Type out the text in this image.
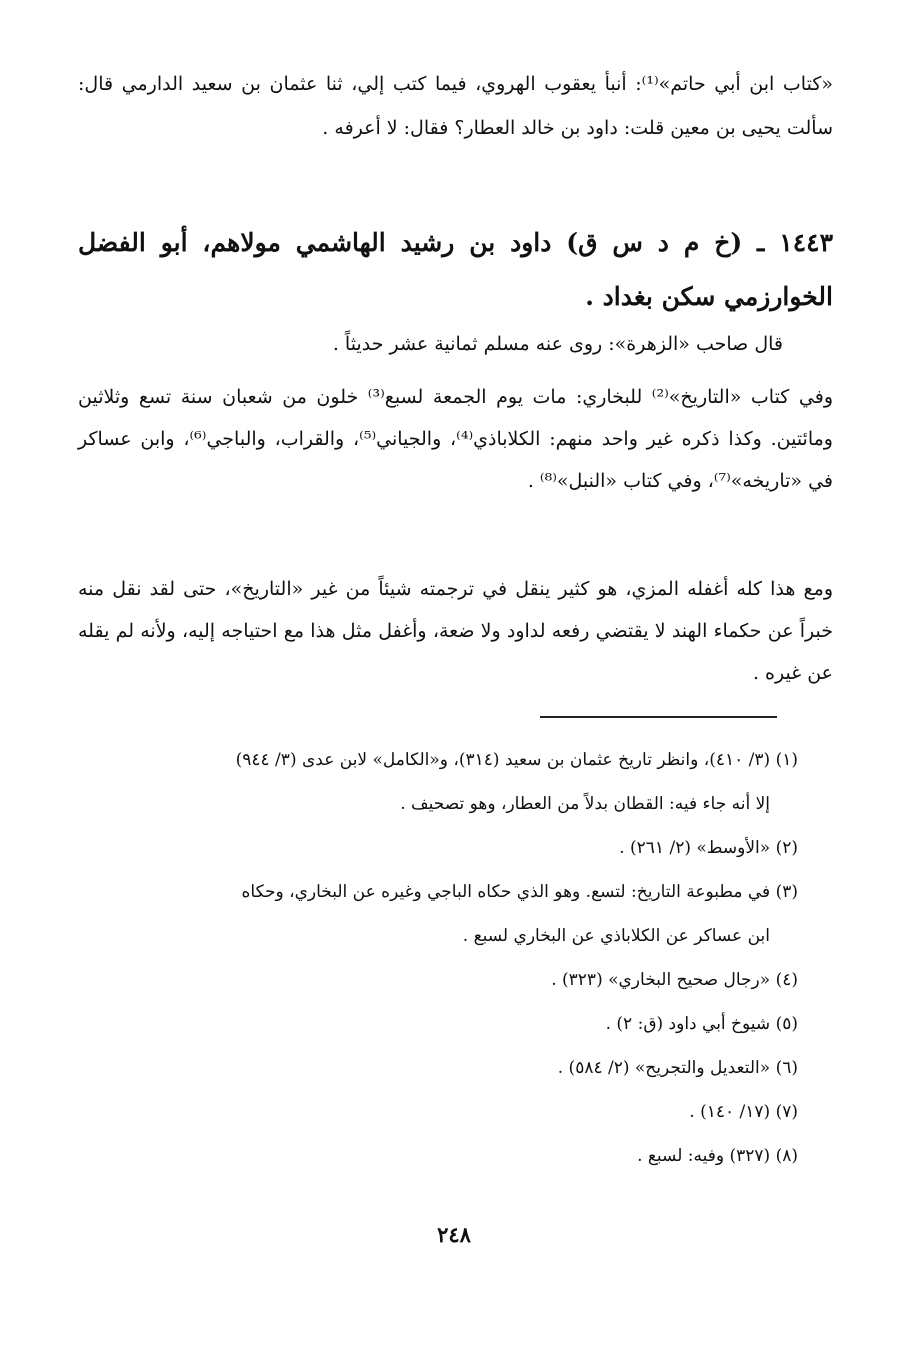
«كتاب ابن أبي حاتم»⁽¹⁾: أنبأ يعقوب الهروي، فيما كتب إلي، ثنا عثمان بن سعيد الدارمي قال: سألت يحيى بن معين قلت: داود بن خالد العطار؟ فقال: لا أعرفه .
١٤٤٣ ـ (خ م د س ق) داود بن رشيد الهاشمي مولاهم، أبو الفضل الخوارزمي سكن بغداد .
قال صاحب «الزهرة»: روى عنه مسلم ثمانية عشر حديثاً .
وفي كتاب «التاريخ»⁽²⁾ للبخاري: مات يوم الجمعة لسبع⁽³⁾ خلون من شعبان سنة تسع وثلاثين ومائتين. وكذا ذكره غير واحد منهم: الكلاباذي⁽⁴⁾، والجياني⁽⁵⁾، والقراب، والباجي⁽⁶⁾، وابن عساكر في «تاريخه»⁽⁷⁾، وفي كتاب «النبل»⁽⁸⁾ .
ومع هذا كله أغفله المزي، هو كثير ينقل في ترجمته شيئاً من غير «التاريخ»، حتى لقد نقل منه خبراً عن حكماء الهند لا يقتضي رفعه لداود ولا ضعة، وأغفل مثل هذا مع احتياجه إليه، ولأنه لم يقله عن غيره .
(١) (٣/ ٤١٠)، وانظر تاريخ عثمان بن سعيد (٣١٤)، و«الكامل» لابن عدى (٣/ ٩٤٤)
إلا أنه جاء فيه: القطان بدلاً من العطار، وهو تصحيف .
(٢) «الأوسط» (٢/ ٢٦١) .
(٣) في مطبوعة التاريخ: لتسع. وهو الذي حكاه الباجي وغيره عن البخاري، وحكاه
ابن عساكر عن الكلاباذي عن البخاري لسبع .
(٤) «رجال صحيح البخاري» (٣٢٣) .
(٥) شيوخ أبي داود (ق: ٢) .
(٦) «التعديل والتجريح» (٢/ ٥٨٤) .
(٧) (١٧/ ١٤٠) .
(٨) (٣٢٧) وفيه: لسبع .
٢٤٨
